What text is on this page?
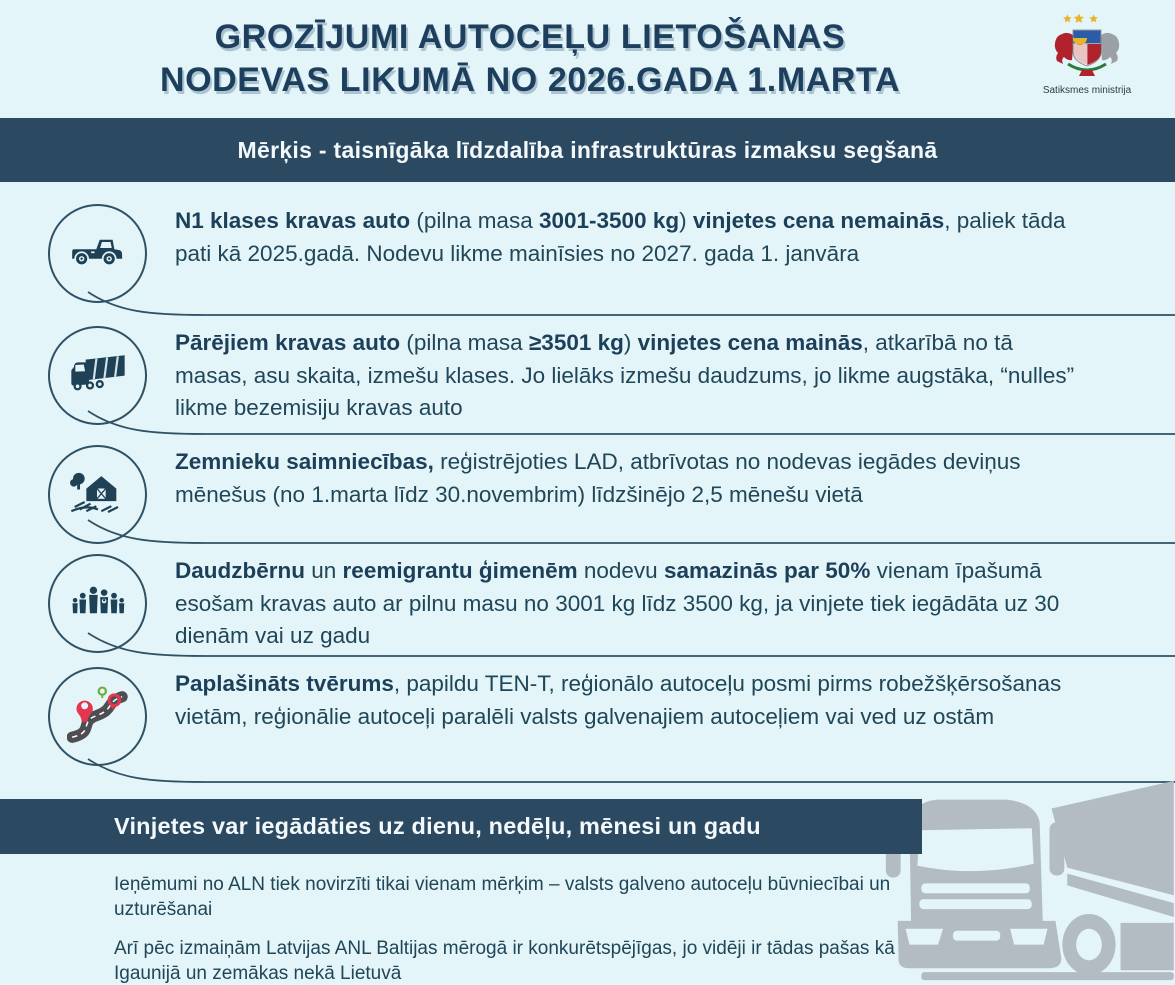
GROZĪJUMI AUTOCEĻU LIETOŠANAS
NODEVAS LIKUMĀ NO 2026.GADA 1.MARTA	Satiksmes ministrija
Mērķis - taisnīgāka līdzdalība infrastruktūras izmaksu segšanā
N1 klases kravas auto (pilna masa 3001-3500 kg) vinjetes cena nemainās, paliek tāda pati kā 2025.gadā. Nodevu likme mainīsies no 2027. gada 1. janvāra
Pārējiem kravas auto (pilna masa ≥3501 kg) vinjetes cena mainās, atkarībā no tā masas, asu skaita, izmešu klases. Jo lielāks izmešu daudzums, jo likme augstāka, “nulles” likme bezemisiju kravas auto
Zemnieku saimniecības, reģistrējoties LAD, atbrīvotas no nodevas iegādes deviņus mēnešus (no 1.marta līdz 30.novembrim) līdzšinējo 2,5 mēnešu vietā
Daudzbērnu un reemigrantu ģimenēm nodevu samazinās par 50% vienam īpašumā esošam kravas auto ar pilnu masu no 3001 kg līdz 3500 kg, ja vinjete tiek iegādāta uz 30 dienām vai uz gadu
Paplašināts tvērums, papildu TEN-T, reģionālo autoceļu posmi pirms robežšķērsošanas vietām, reģionālie autoceļi paralēli valsts galvenajiem autoceļiem vai ved uz ostām
Vinjetes var iegādāties uz dienu, nedēļu, mēnesi un gadu

Ieņēmumi no ALN tiek novirzīti tikai vienam mērķim – valsts galveno autoceļu būvniecībai un uzturēšanai

Arī pēc izmaiņām Latvijas ANL Baltijas mērogā ir konkurētspējīgas, jo vidēji ir tādas pašas kā Igaunijā un zemākas nekā Lietuvā
